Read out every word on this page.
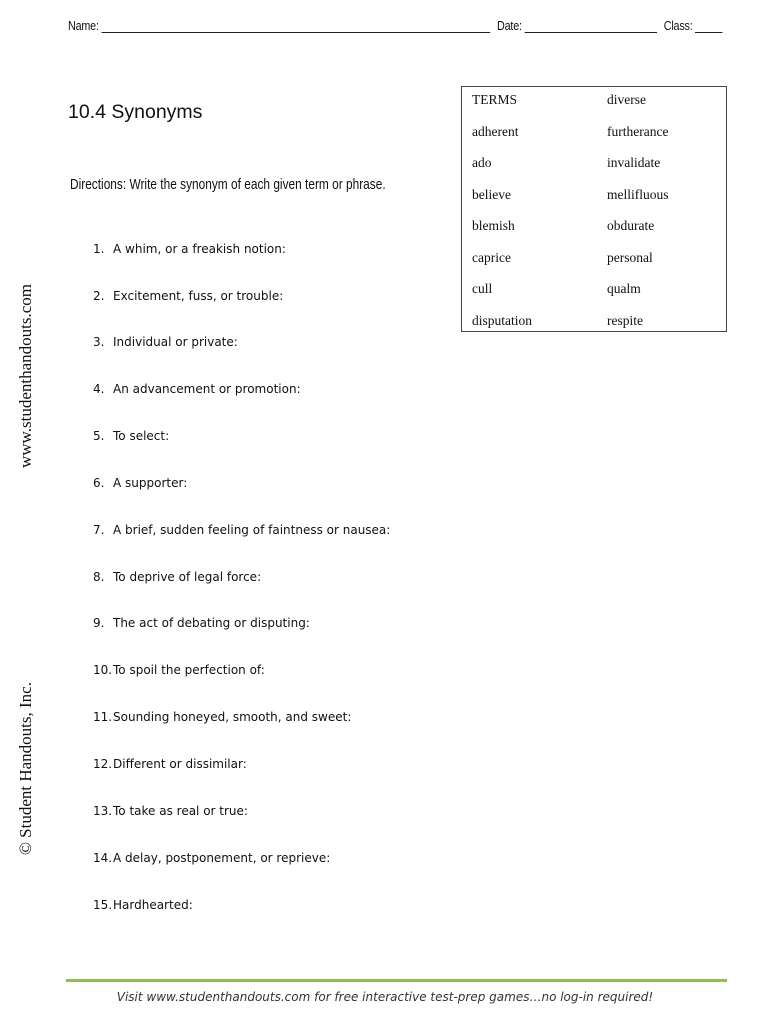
Name:	Date:	Class:
10.4 Synonyms
Directions: Write the synonym of each given term or phrase.
TERMS
adherent
ado
believe
blemish
caprice
cull
disputation
diverse
furtherance
invalidate
mellifluous
obdurate
personal
qualm
respite
www.studenthandouts.com
© Student Handouts, Inc.
1. A whim, or a freakish notion:
2. Excitement, fuss, or trouble:
3. Individual or private:
4. An advancement or promotion:
5. To select:
6. A supporter:
7. A brief, sudden feeling of faintness or nausea:
8. To deprive of legal force:
9. The act of debating or disputing:
10.To spoil the perfection of:
11.Sounding honeyed, smooth, and sweet:
12.Different or dissimilar:
13.To take as real or true:
14.A delay, postponement, or reprieve:
15.Hardhearted:
Visit www.studenthandouts.com for free interactive test-prep games…no log-in required!
